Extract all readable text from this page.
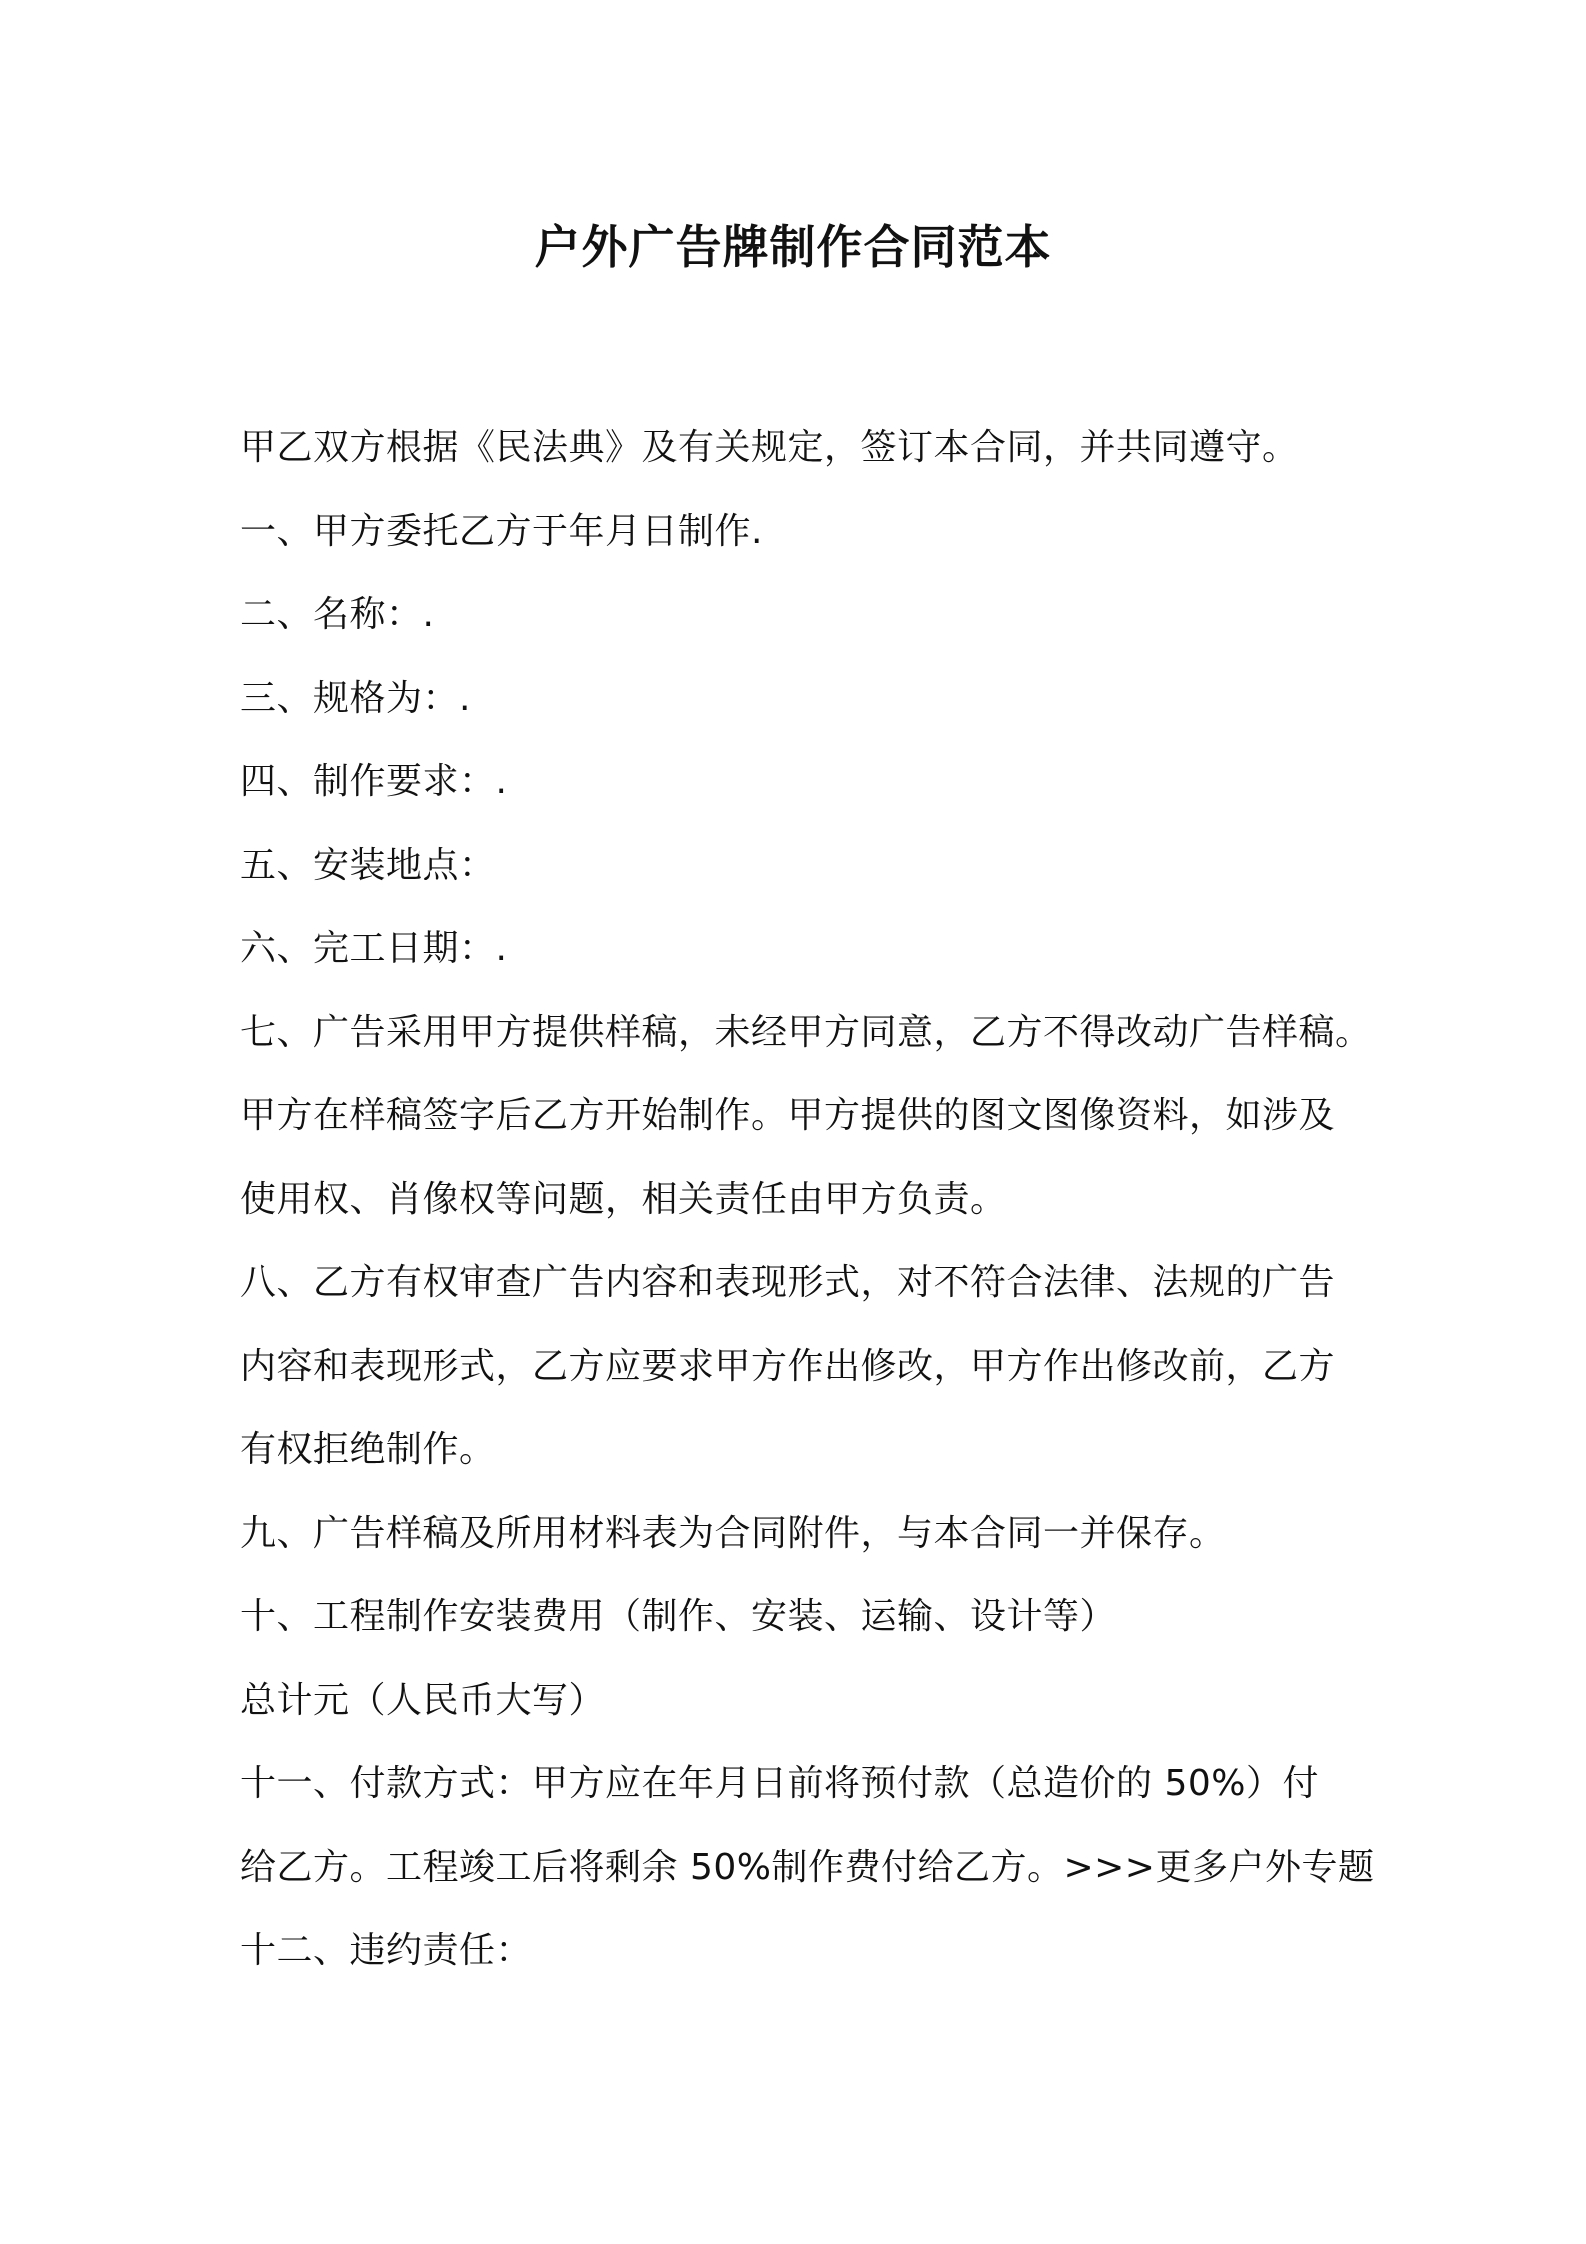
户外广告牌制作合同范本
甲乙双方根据《民法典》及有关规定，签订本合同，并共同遵守。
一、甲方委托乙方于年月日制作.
二、名称：.
三、规格为：.
四、制作要求：.
五、安装地点：
六、完工日期：.
七、广告采用甲方提供样稿，未经甲方同意，乙方不得改动广告样稿。
甲方在样稿签字后乙方开始制作。甲方提供的图文图像资料，如涉及
使用权、肖像权等问题，相关责任由甲方负责。
八、乙方有权审查广告内容和表现形式，对不符合法律、法规的广告
内容和表现形式，乙方应要求甲方作出修改，甲方作出修改前，乙方
有权拒绝制作。
九、广告样稿及所用材料表为合同附件，与本合同一并保存。
十、工程制作安装费用（制作、安装、运输、设计等）
总计元（人民币大写）
十一、付款方式：甲方应在年月日前将预付款（总造价的 50%）付
给乙方。工程竣工后将剩余 50%制作费付给乙方。>>>更多户外专题
十二、违约责任：
